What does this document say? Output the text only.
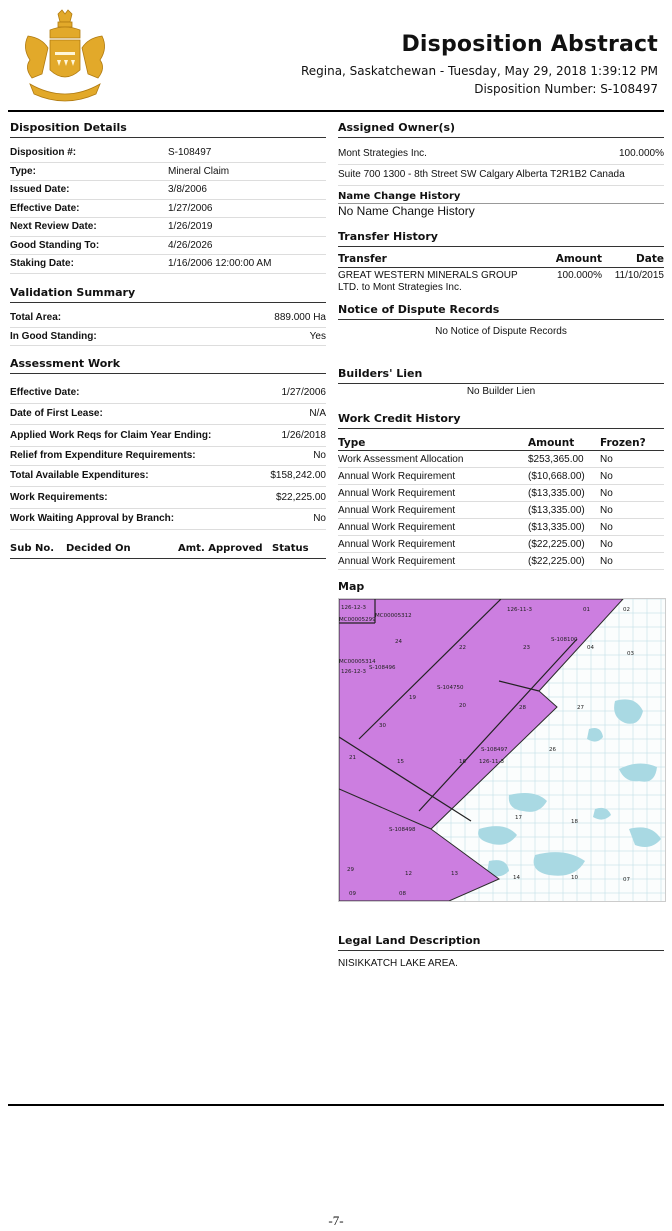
Disposition Abstract
Regina, Saskatchewan - Tuesday, May 29, 2018 1:39:12 PM
Disposition Number: S-108497
Disposition Details
Disposition #:	S-108497
Type:	Mineral Claim
Issued Date:	3/8/2006
Effective Date:	1/27/2006
Next Review Date:	1/26/2019
Good Standing To:	4/26/2026
Staking Date:	1/16/2006 12:00:00 AM
Validation Summary
Total Area:	889.000 Ha
In Good Standing:	Yes
Assessment Work
Effective Date:	1/27/2006
Date of First Lease:	N/A
Applied Work Reqs for Claim Year Ending:	1/26/2018
Relief from Expenditure Requirements:	No
Total Available Expenditures:	$158,242.00
Work Requirements:	$22,225.00
Work Waiting Approval by Branch:	No
Sub No.	Decided On	Amt. Approved Status
Assigned Owner(s)
Mont Strategies Inc.	100.000%
Suite 700 1300 - 8th Street SW Calgary Alberta T2R1B2 Canada
Name Change History
No Name Change History
Transfer History
Transfer	Amount	Date
GREAT WESTERN MINERALS GROUP LTD. to Mont Strategies Inc.
100.000%	11/10/2015
Notice of Dispute Records
No Notice of Dispute Records
Builders' Lien
No Builder Lien
Work Credit History
Type	Amount	Frozen?
Work Assessment Allocation	$253,365.00	No
Annual Work Requirement	($10,668.00)	No
Annual Work Requirement	($13,335.00)	No
Annual Work Requirement	($13,335.00)	No
Annual Work Requirement	($13,335.00)	No
Annual Work Requirement	($22,225.00)	No
Annual Work Requirement	($22,225.00)	No
Map
126-12-3
MC00005299
MC00005312
126-11-3
S-108100
MC00005314
126-12-3
S-108496
S-104750
S-108497
126-11-3
S-108498
01	02
04
03
22	23
24
19
20
21
15	16
17
18
28	27
26
30
29
12	13
14	10
09	08
07
Legal Land Description
NISIKKATCH LAKE AREA.
-7-
